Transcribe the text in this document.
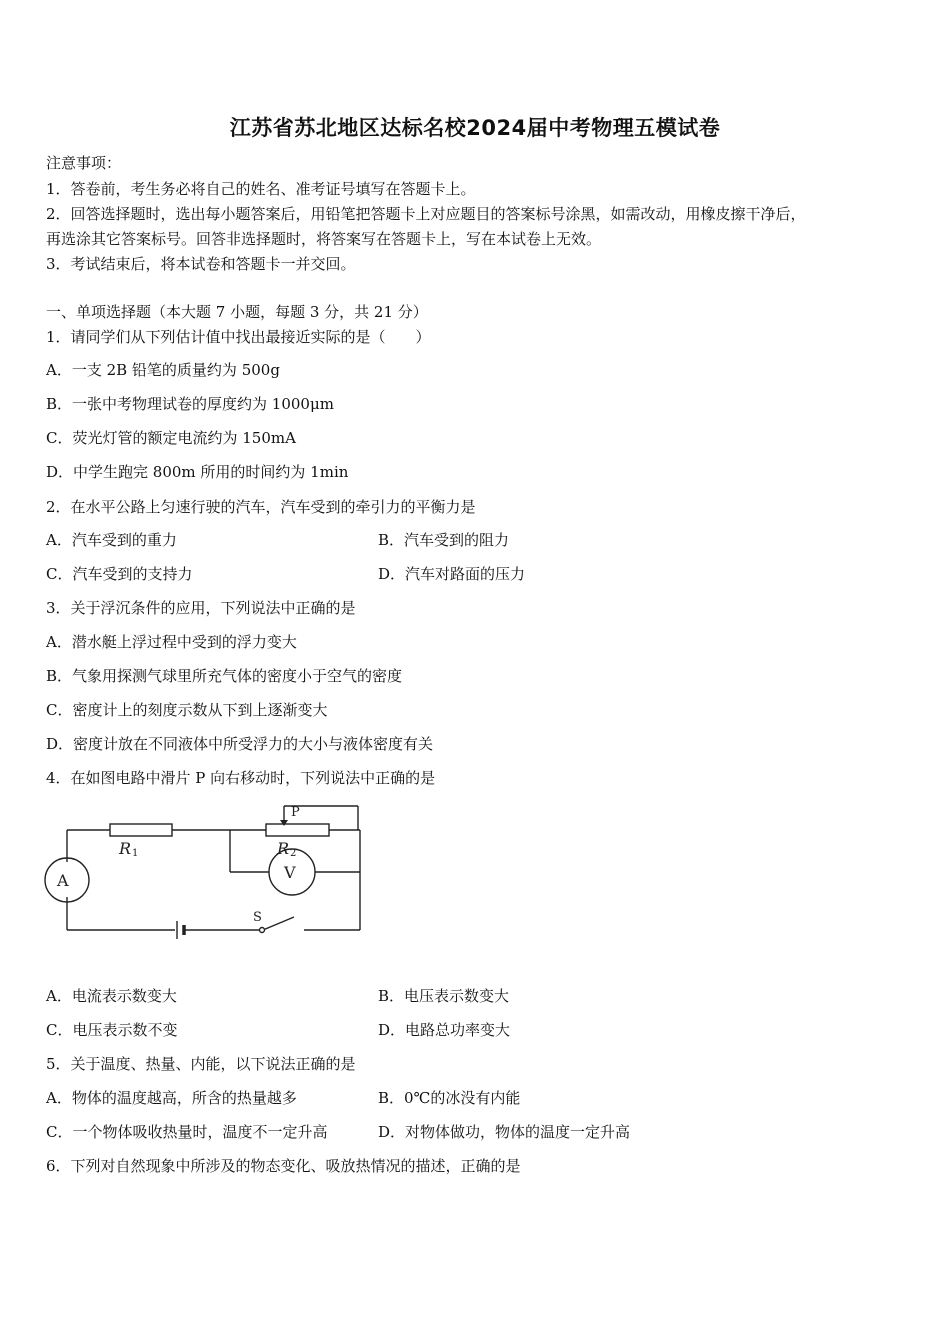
江苏省苏北地区达标名校2024届中考物理五模试卷
注意事项：
1．答卷前，考生务必将自己的姓名、准考证号填写在答题卡上。
2．回答选择题时，选出每小题答案后，用铅笔把答题卡上对应题目的答案标号涂黑，如需改动，用橡皮擦干净后，
再选涂其它答案标号。回答非选择题时，将答案写在答题卡上，写在本试卷上无效。
3．考试结束后，将本试卷和答题卡一并交回。
一、单项选择题（本大题 7 小题，每题 3 分，共 21 分）
1．请同学们从下列估计值中找出最接近实际的是（　　）
A．一支 2B 铅笔的质量约为 500g
B．一张中考物理试卷的厚度约为 1000μm
C．荧光灯管的额定电流约为 150mA
D．中学生跑完 800m 所用的时间约为 1min
2．在水平公路上匀速行驶的汽车，汽车受到的牵引力的平衡力是
A．汽车受到的重力	B．汽车受到的阻力
C．汽车受到的支持力	D．汽车对路面的压力
3．关于浮沉条件的应用，下列说法中正确的是
A．潜水艇上浮过程中受到的浮力变大
B．气象用探测气球里所充气体的密度小于空气的密度
C．密度计上的刻度示数从下到上逐渐变大
D．密度计放在不同液体中所受浮力的大小与液体密度有关
4．在如图电路中滑片 P 向右移动时，下列说法中正确的是
P
R 1	R 2
V
A
S
A．电流表示数变大	B．电压表示数变大
C．电压表示数不变	D．电路总功率变大
5．关于温度、热量、内能，以下说法正确的是
A．物体的温度越高，所含的热量越多	B．0℃的冰没有内能
C．一个物体吸收热量时，温度不一定升高	D．对物体做功，物体的温度一定升高
6．下列对自然现象中所涉及的物态变化、吸放热情况的描述，正确的是
